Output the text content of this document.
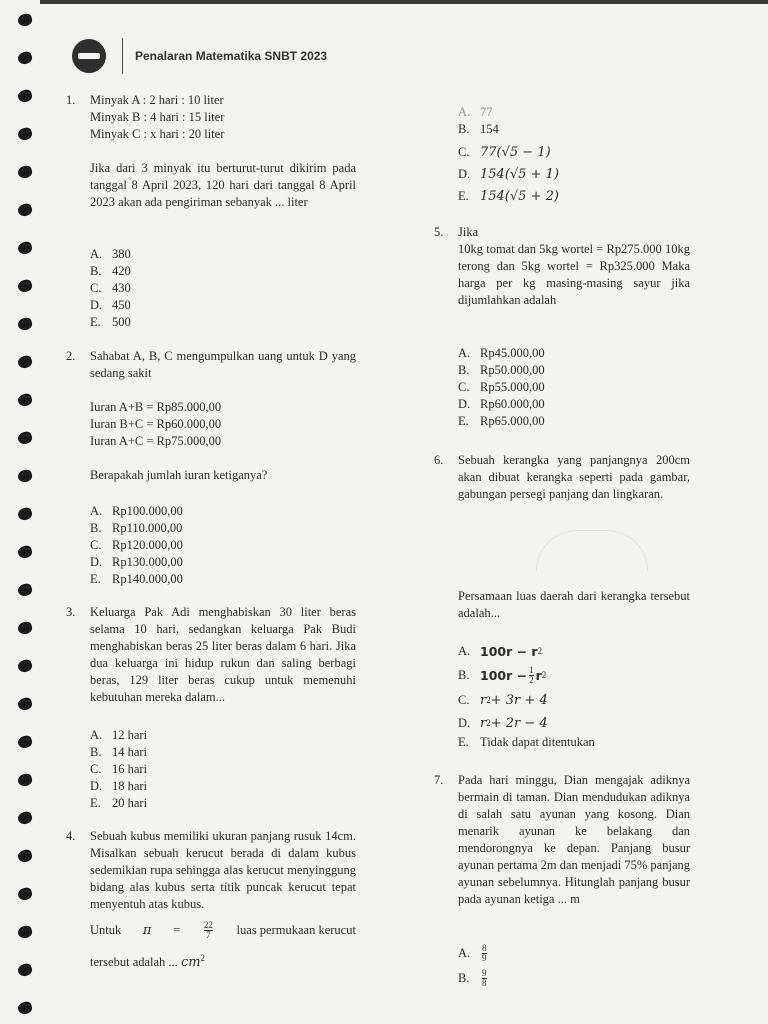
Penalaran Matematika SNBT 2023
1.	Minyak A : 2 hari : 10 liter
Minyak B : 4 hari : 15 liter
Minyak C : x hari : 20 liter
Jika dari 3 minyak itu berturut-turut dikirim pada tanggal 8 April 2023, 120 hari dari tanggal 8 April 2023 akan ada pengiriman sebanyak ... liter
A. 380
B. 420
C. 430
D. 450
E. 500
2.	Sahabat A, B, C mengumpulkan uang untuk D yang sedang sakit
Iuran A+B = Rp85.000,00
Iuran B+C = Rp60.000,00
Iuran A+C = Rp75.000,00
Berapakah jumlah iuran ketiganya?
A. Rp100.000,00
B. Rp110.000,00
C. Rp120.000,00
D. Rp130.000,00
E. Rp140.000,00
3.	Keluarga Pak Adi menghabiskan 30 liter beras selama 10 hari, sedangkan keluarga Pak Budi menghabiskan beras 25 liter beras dalam 6 hari. Jika dua keluarga ini hidup rukun dan saling berbagi beras, 129 liter beras cukup untuk memenuhi kebutuhan mereka dalam...
A. 12 hari
B. 14 hari
C. 16 hari
D. 18 hari
E. 20 hari
4.	Sebuah kubus memiliki ukuran panjang rusuk 14cm. Misalkan sebuah kerucut berada di dalam kubus sedemikian rupa sehingga alas kerucut menyinggung bidang alas kubus serta titik puncak kerucut tepat menyentuh atas kubus.
Untuk π =	$\frac{22}{7}$ luas permukaan kerucut
tersebut adalah ... $cm^2$
A. 77
B. 154
C. 77(√5 − 1)
D. 154(√5 + 1)
E. 154(√5 + 2)
5.	Jika
10kg tomat dan 5kg wortel = Rp275.000 10kg terong dan 5kg wortel = Rp325.000 Maka harga per kg masing-masing sayur jika dijumlahkan adalah
A. Rp45.000,00
B. Rp50.000,00
C. Rp55.000,00
D. Rp60.000,00
E. Rp65.000,00
6.	Sebuah kerangka yang panjangnya 200cm akan dibuat kerangka seperti pada gambar, gabungan persegi panjang dan lingkaran.
Persamaan luas daerah dari kerangka tersebut adalah...
A. 100r − r 2
B. $100r - \frac{1}{2}$ r 2
C. r 2 + 3r + 4
D. r 2 + 2r − 4
E. Tidak dapat ditentukan
7.	Pada hari minggu, Dian mengajak adiknya bermain di taman. Dian mendudukan adiknya di salah satu ayunan yang kosong. Dian menarik ayunan ke belakang dan mendorongnya ke depan. Panjang busur ayunan pertama 2m dan menjadi 75% panjang ayunan sebelumnya. Hitunglah panjang busur pada ayunan ketiga ... m
A.	$\frac{8}{9}$
B.	$\frac{9}{8}$
